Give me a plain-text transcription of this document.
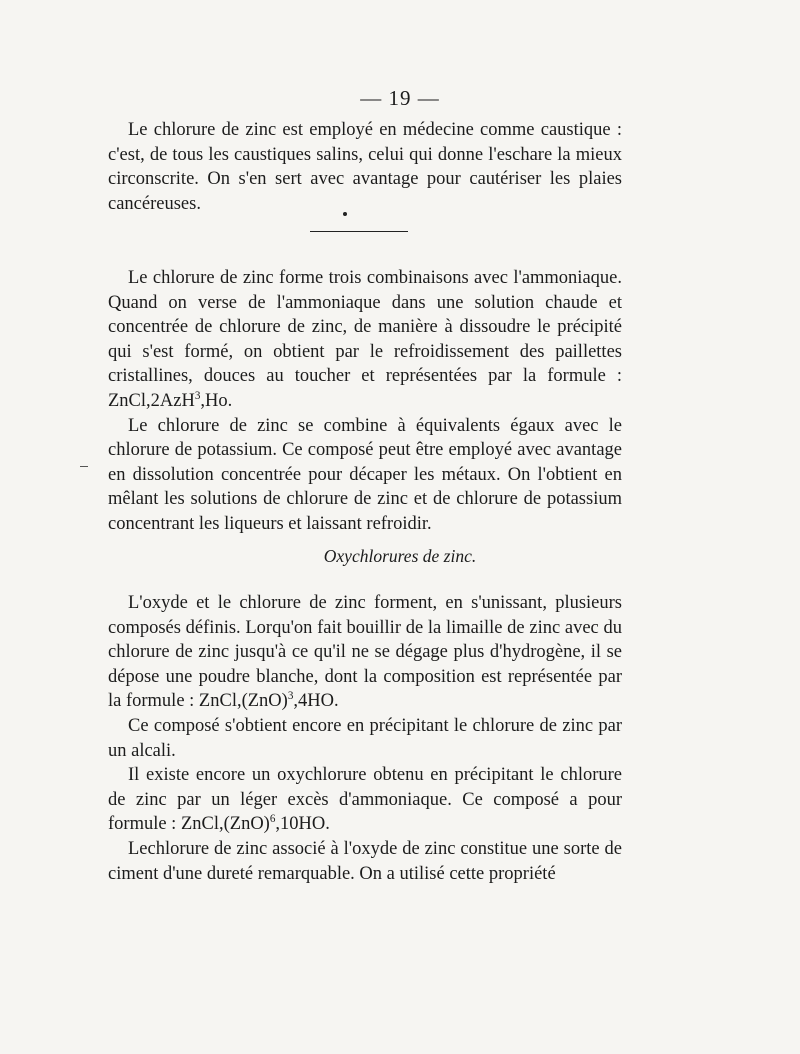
— 19 —

Le chlorure de zinc est employé en médecine comme caustique : c'est, de tous les caustiques salins, celui qui donne l'eschare la mieux circonscrite. On s'en sert avec avantage pour cautériser les plaies cancéreuses.

Le chlorure de zinc forme trois combinaisons avec l'ammoniaque. Quand on verse de l'ammoniaque dans une solution chaude et concentrée de chlorure de zinc, de manière à dissoudre le précipité qui s'est formé, on obtient par le refroidissement des paillettes cristallines, douces au toucher et représentées par la formule : ZnCl,2AzH$^3$,Ho.

Le chlorure de zinc se combine à équivalents égaux avec le chlorure de potassium. Ce composé peut être employé avec avantage en dissolution concentrée pour décaper les métaux. On l'obtient en mêlant les solutions de chlorure de zinc et de chlorure de potassium concentrant les liqueurs et laissant refroidir.

Oxychlorures de zinc.

L'oxyde et le chlorure de zinc forment, en s'unissant, plusieurs composés définis. Lorqu'on fait bouillir de la limaille de zinc avec du chlorure de zinc jusqu'à ce qu'il ne se dégage plus d'hydrogène, il se dépose une poudre blanche, dont la composition est représentée par la formule : ZnCl,(ZnO)$^3$,4HO.

Ce composé s'obtient encore en précipitant le chlorure de zinc par un alcali.

Il existe encore un oxychlorure obtenu en précipitant le chlorure de zinc par un léger excès d'ammoniaque. Ce composé a pour formule : ZnCl,(ZnO)$^6$,10HO.

Lechlorure de zinc associé à l'oxyde de zinc constitue une sorte de ciment d'une dureté remarquable. On a utilisé cette propriété
